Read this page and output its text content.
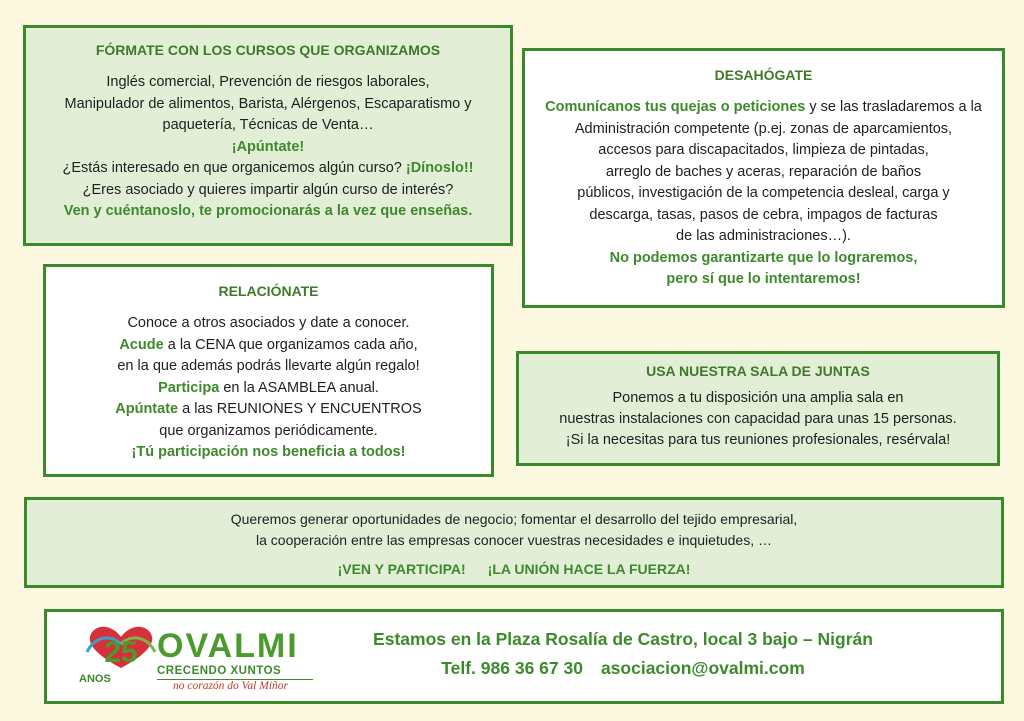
FÓRMATE CON LOS CURSOS QUE ORGANIZAMOS
Inglés comercial, Prevención de riesgos laborales,
Manipulador de alimentos, Barista, Alérgenos, Escaparatismo y
paquetería, Técnicas de Venta…
¡Apúntate!
¿Estás interesado en que organicemos algún curso? ¡Dínoslo!!
¿Eres asociado y quieres impartir algún curso de interés?
Ven y cuéntanoslo, te promocionarás a la vez que enseñas.
DESAHÓGATE
Comunícanos tus quejas o peticiones y se las trasladaremos a la
Administración competente (p.ej. zonas de aparcamientos,
accesos para discapacitados, limpieza de pintadas,
arreglo de baches y aceras, reparación de baños
públicos, investigación de la competencia desleal, carga y
descarga, tasas, pasos de cebra, impagos de facturas
de las administraciones…).
No podemos garantizarte que lo lograremos,
pero sí que lo intentaremos!
RELACIÓNATE
Conoce a otros asociados y date a conocer.
Acude a la CENA que organizamos cada año,
en la que además podrás llevarte algún regalo!
Participa en la ASAMBLEA anual.
Apúntate a las REUNIONES Y ENCUENTROS
que organizamos periódicamente.
¡Tú participación nos beneficia a todos!
USA NUESTRA SALA DE JUNTAS
Ponemos a tu disposición una amplia sala en
nuestras instalaciones con capacidad para unas 15 personas.
¡Si la necesitas para tus reuniones profesionales, resérvala!
Queremos generar oportunidades de negocio; fomentar el desarrollo del tejido empresarial,
la cooperación entre las empresas conocer vuestras necesidades e inquietudes, …
¡VEN Y PARTICIPA! ¡LA UNIÓN HACE LA FUERZA!
25
ANOS
OVALMI
CRECENDO XUNTOS
no corazón do Val Miñor
Estamos en la Plaza Rosalía de Castro, local 3 bajo – Nigrán
Telf. 986 36 67 30 asociacion@ovalmi.com
